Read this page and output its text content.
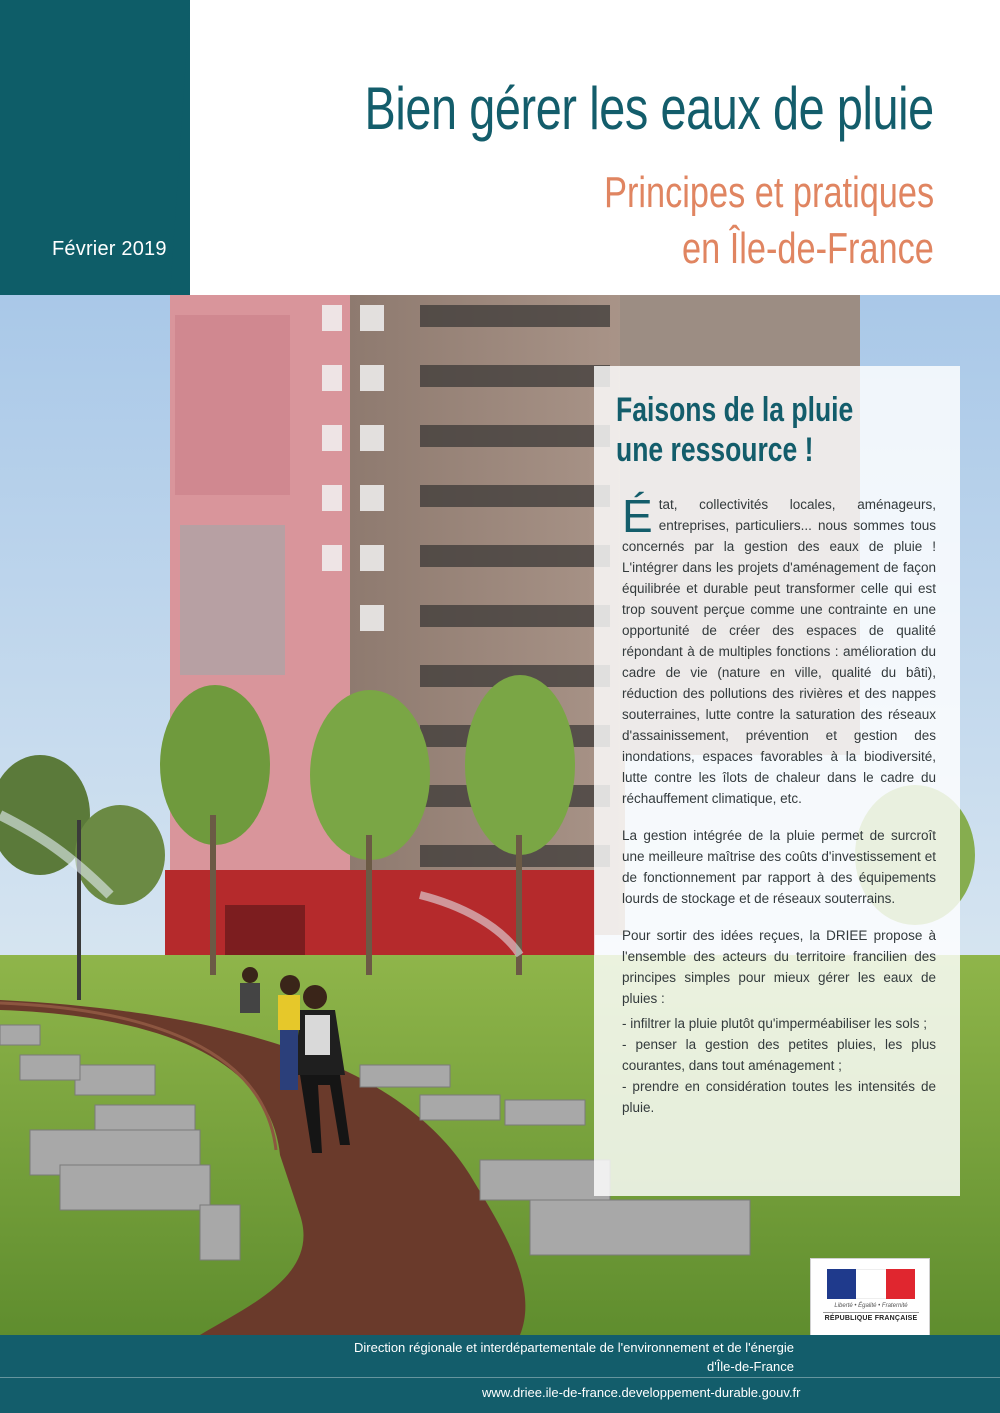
Février 2019
Bien gérer les eaux de pluie
Principes et pratiques
en Île-de-France
Faisons de la pluie
une ressource !

État, collectivités locales, aménageurs, entreprises, particuliers... nous sommes tous concernés par la gestion des eaux de pluie ! L'intégrer dans les projets d'aménagement de façon équilibrée et durable peut transformer celle qui est trop souvent perçue comme une contrainte en une opportunité de créer des espaces de qualité répondant à de multiples fonctions : amélioration du cadre de vie (nature en ville, qualité du bâti), réduction des pollutions des rivières et des nappes souterraines, lutte contre la saturation des réseaux d'assainissement, prévention et gestion des inondations, espaces favorables à la biodiversité, lutte contre les îlots de chaleur dans le cadre du réchauffement climatique, etc.

La gestion intégrée de la pluie permet de surcroît une meilleure maîtrise des coûts d'investissement et de fonctionnement par rapport à des équipements lourds de stockage et de réseaux souterrains.

Pour sortir des idées reçues, la DRIEE propose à l'ensemble des acteurs du territoire francilien des principes simples pour mieux gérer les eaux de pluies :

- infiltrer la pluie plutôt qu'imperméabiliser les sols ;

- penser la gestion des petites pluies, les plus courantes, dans tout aménagement ;

- prendre en considération toutes les intensités de pluie.

Liberté • Égalité • Fraternité
RÉPUBLIQUE FRANÇAISE
Direction régionale et interdépartementale de l'environnement et de l'énergie
d'Île-de-France
www.driee.ile-de-france.developpement-durable.gouv.fr
